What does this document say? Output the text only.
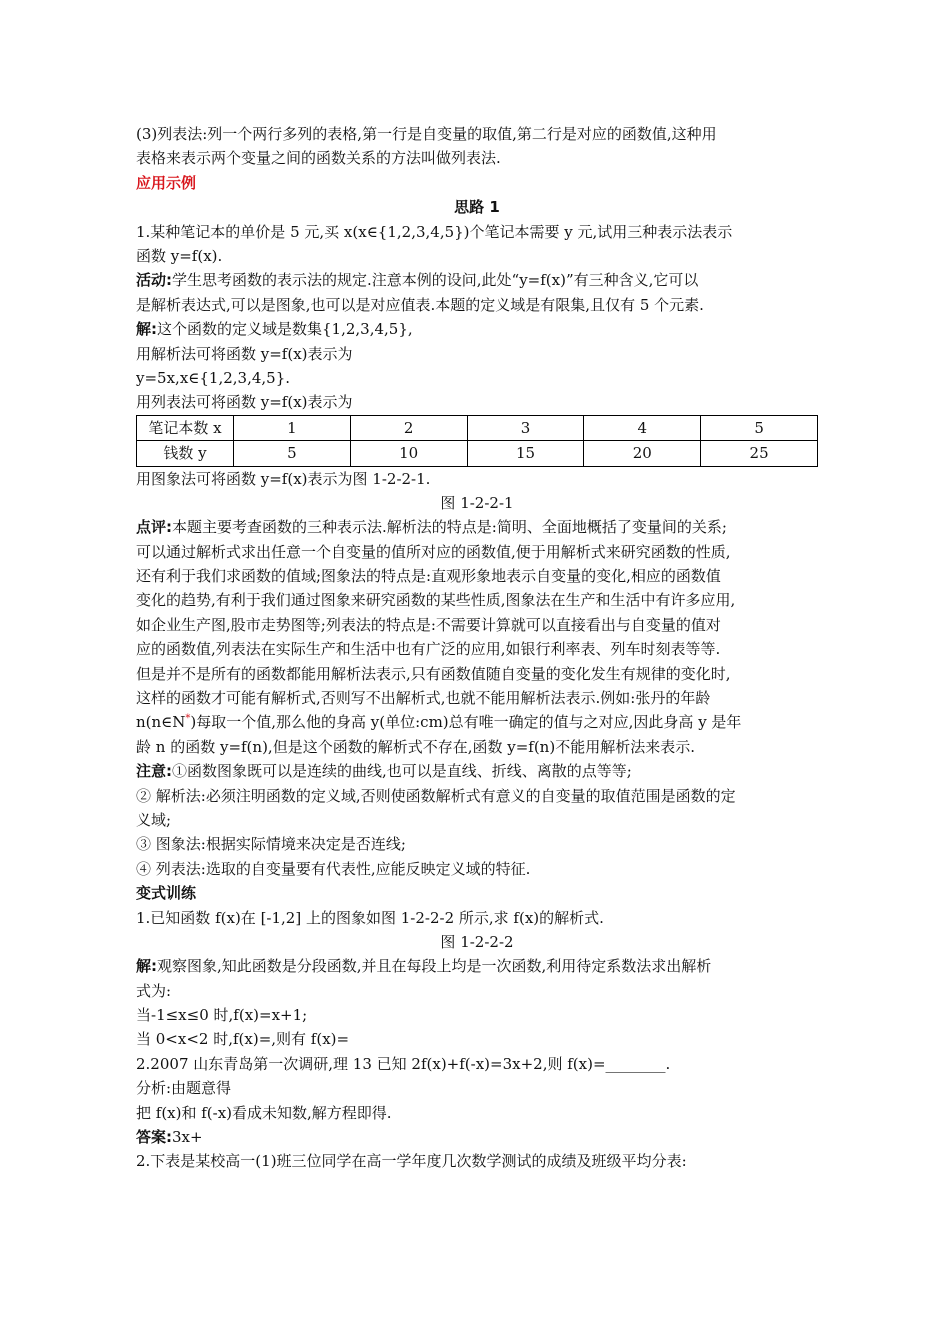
(3)列表法:列一个两行多列的表格,第一行是自变量的取值,第二行是对应的函数值,这种用
表格来表示两个变量之间的函数关系的方法叫做列表法.
应用示例
思路 1
1.某种笔记本的单价是 5 元,买 x(x∈{1,2,3,4,5})个笔记本需要 y 元,试用三种表示法表示
函数 y=f(x).
活动:学生思考函数的表示法的规定.注意本例的设问,此处“y=f(x)”有三种含义,它可以
是解析表达式,可以是图象,也可以是对应值表.本题的定义域是有限集,且仅有 5 个元素.
解:这个函数的定义域是数集{1,2,3,4,5},
用解析法可将函数 y=f(x)表示为
y=5x,x∈{1,2,3,4,5}.
用列表法可将函数 y=f(x)表示为
笔记本数 x	1	2	3	4	5
钱数 y	5	10	15	20	25
用图象法可将函数 y=f(x)表示为图 1-2-2-1.
图 1-2-2-1
点评:本题主要考查函数的三种表示法.解析法的特点是:简明、全面地概括了变量间的关系;
可以通过解析式求出任意一个自变量的值所对应的函数值,便于用解析式来研究函数的性质,
还有利于我们求函数的值域;图象法的特点是:直观形象地表示自变量的变化,相应的函数值
变化的趋势,有利于我们通过图象来研究函数的某些性质,图象法在生产和生活中有许多应用,
如企业生产图,股市走势图等;列表法的特点是:不需要计算就可以直接看出与自变量的值对
应的函数值,列表法在实际生产和生活中也有广泛的应用,如银行利率表、列车时刻表等等.
但是并不是所有的函数都能用解析法表示,只有函数值随自变量的变化发生有规律的变化时,
这样的函数才可能有解析式,否则写不出解析式,也就不能用解析法表示.例如:张丹的年龄
n(n∈N*)每取一个值,那么他的身高 y(单位:cm)总有唯一确定的值与之对应,因此身高 y 是年
龄 n 的函数 y=f(n),但是这个函数的解析式不存在,函数 y=f(n)不能用解析法来表示.
注意:①函数图象既可以是连续的曲线,也可以是直线、折线、离散的点等等;
② 解析法:必须注明函数的定义域,否则使函数解析式有意义的自变量的取值范围是函数的定
义域;
③ 图象法:根据实际情境来决定是否连线;
④ 列表法:选取的自变量要有代表性,应能反映定义域的特征.
变式训练
1.已知函数 f(x)在 [-1,2] 上的图象如图 1-2-2-2 所示,求 f(x)的解析式.
图 1-2-2-2
解:观察图象,知此函数是分段函数,并且在每段上均是一次函数,利用待定系数法求出解析
式为:
当-1≤x≤0 时,f(x)=x+1;
当 0<x<2 时,f(x)=,则有 f(x)=
2.2007 山东青岛第一次调研,理 13 已知 2f(x)+f(-x)=3x+2,则 f(x)=________.
分析:由题意得
把 f(x)和 f(-x)看成未知数,解方程即得.
答案:3x+
2.下表是某校高一(1)班三位同学在高一学年度几次数学测试的成绩及班级平均分表:
